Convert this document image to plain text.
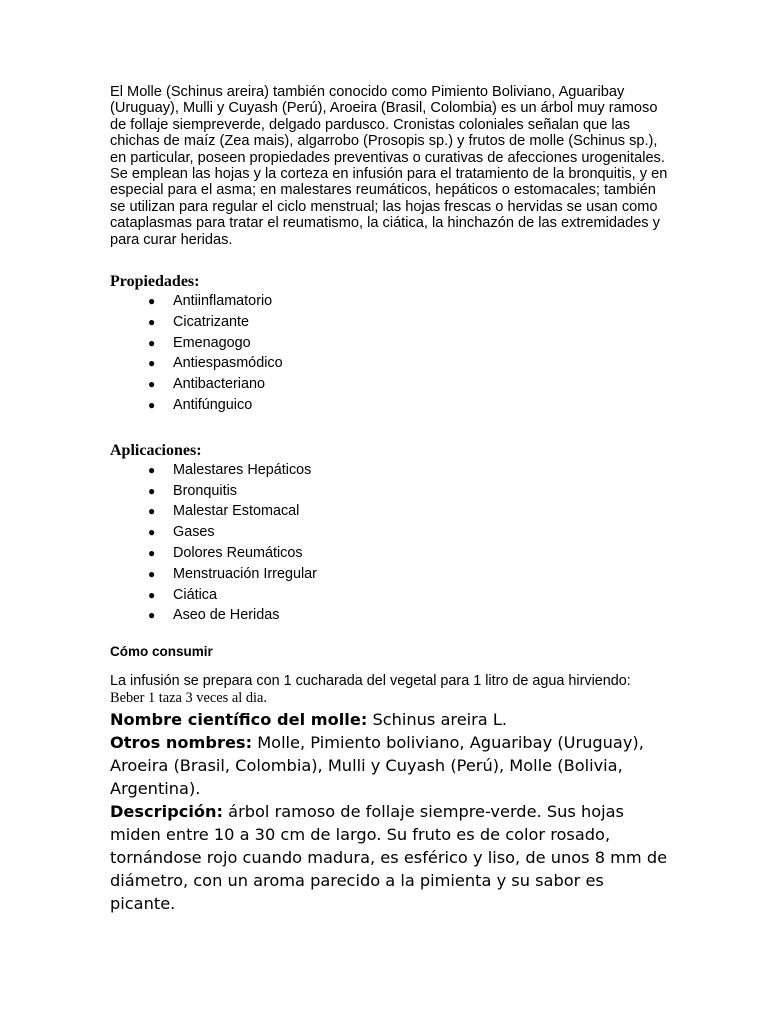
El Molle (Schinus areira) también conocido como Pimiento Boliviano, Aguaribay (Uruguay), Mulli y Cuyash (Perú), Aroeira (Brasil, Colombia) es un árbol muy ramoso de follaje siempreverde, delgado pardusco. Cronistas coloniales señalan que las chichas de maíz (Zea mais), algarrobo (Prosopis sp.) y frutos de molle (Schinus sp.), en particular, poseen propiedades preventivas o curativas de afecciones urogenitales. Se emplean las hojas y la corteza en infusión para el tratamiento de la bronquitis, y en especial para el asma; en malestares reumáticos, hepáticos o estomacales; también se utilizan para regular el ciclo menstrual; las hojas frescas o hervidas se usan como cataplasmas para tratar el reumatismo, la ciática, la hinchazón de las extremidades y para curar heridas.

Propiedades:
● Antiinflamatorio
● Cicatrizante
● Emenagogo
● Antiespasmódico
● Antibacteriano
● Antifúnguico
Aplicaciones:
● Malestares Hepáticos
● Bronquitis
● Malestar Estomacal
● Gases
● Dolores Reumáticos
● Menstruación Irregular
● Ciática
● Aseo de Heridas

Cómo consumir

La infusión se prepara con 1 cucharada del vegetal para 1 litro de agua hirviendo:

Beber 1 taza 3 veces al dia.

Nombre científico del molle: Schinus areira L.

Otros nombres: Molle, Pimiento boliviano, Aguaribay (Uruguay), Aroeira (Brasil, Colombia), Mulli y Cuyash (Perú), Molle (Bolivia, Argentina).

Descripción: árbol ramoso de follaje siempre-verde. Sus hojas miden entre 10 a 30 cm de largo. Su fruto es de color rosado, tornándose rojo cuando madura, es esférico y liso, de unos 8 mm de diámetro, con un aroma parecido a la pimienta y su sabor es picante.
